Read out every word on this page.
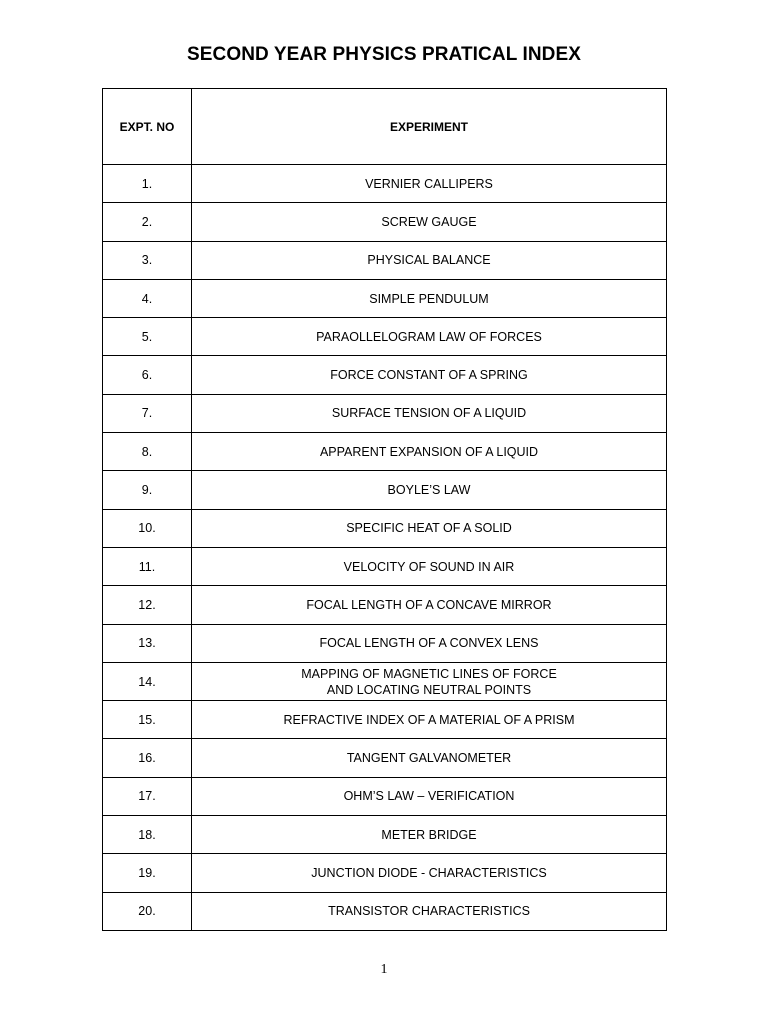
SECOND YEAR PHYSICS PRATICAL INDEX
EXPT. NO	EXPERIMENT
1.	VERNIER CALLIPERS
2.	SCREW GAUGE
3.	PHYSICAL BALANCE
4.	SIMPLE PENDULUM
5.	PARAOLLELOGRAM LAW OF FORCES
6.	FORCE CONSTANT OF A SPRING
7.	SURFACE TENSION OF A LIQUID
8.	APPARENT EXPANSION OF A LIQUID
9.	BOYLE’S LAW
10.	SPECIFIC HEAT OF A SOLID
11.	VELOCITY OF SOUND IN AIR
12.	FOCAL LENGTH OF A CONCAVE MIRROR
13.	FOCAL LENGTH OF A CONVEX LENS
14.	MAPPING OF MAGNETIC LINES OF FORCE
AND LOCATING NEUTRAL POINTS
15.	REFRACTIVE INDEX OF A MATERIAL OF A PRISM
16.	TANGENT GALVANOMETER
17.	OHM’S LAW – VERIFICATION
18.	METER BRIDGE
19.	JUNCTION DIODE - CHARACTERISTICS
20.	TRANSISTOR CHARACTERISTICS
1
